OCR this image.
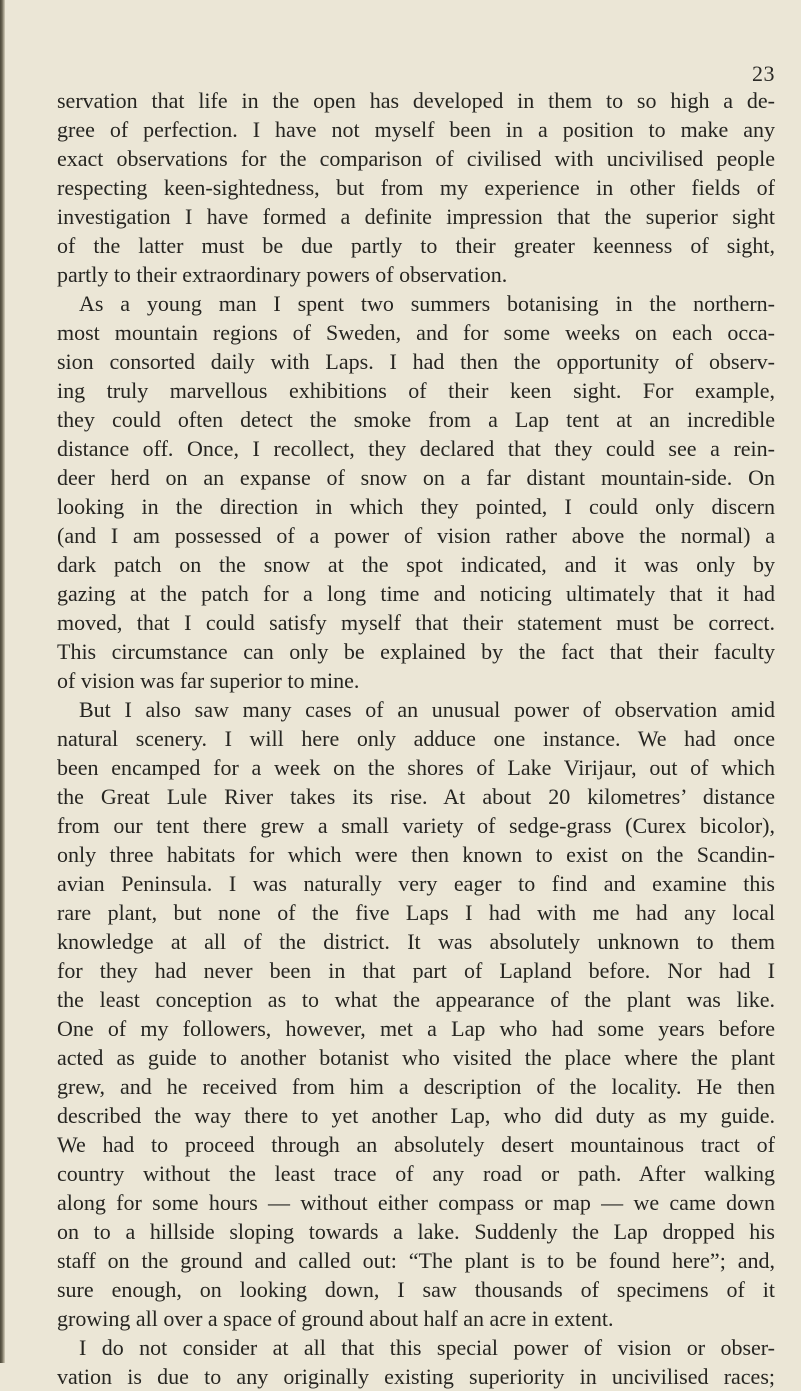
23

servation that life in the open has developed in them to so high a de-
gree of perfection. I have not myself been in a position to make any
exact observations for the comparison of civilised with uncivilised people
respecting keen-sightedness, but from my experience in other fields of
investigation I have formed a definite impression that the superior sight
of the latter must be due partly to their greater keenness of sight,
partly to their extraordinary powers of observation.
As a young man I spent two summers botanising in the northern-
most mountain regions of Sweden, and for some weeks on each occa-
sion consorted daily with Laps. I had then the opportunity of observ-
ing truly marvellous exhibitions of their keen sight. For example,
they could often detect the smoke from a Lap tent at an incredible
distance off. Once, I recollect, they declared that they could see a rein-
deer herd on an expanse of snow on a far distant mountain-side. On
looking in the direction in which they pointed, I could only discern
(and I am possessed of a power of vision rather above the normal) a
dark patch on the snow at the spot indicated, and it was only by
gazing at the patch for a long time and noticing ultimately that it had
moved, that I could satisfy myself that their statement must be correct.
This circumstance can only be explained by the fact that their faculty
of vision was far superior to mine.
But I also saw many cases of an unusual power of observation amid
natural scenery. I will here only adduce one instance. We had once
been encamped for a week on the shores of Lake Virijaur, out of which
the Great Lule River takes its rise. At about 20 kilometres’ distance
from our tent there grew a small variety of sedge-grass (Curex bicolor),
only three habitats for which were then known to exist on the Scandin-
avian Peninsula. I was naturally very eager to find and examine this
rare plant, but none of the five Laps I had with me had any local
knowledge at all of the district. It was absolutely unknown to them
for they had never been in that part of Lapland before. Nor had I
the least conception as to what the appearance of the plant was like.
One of my followers, however, met a Lap who had some years before
acted as guide to another botanist who visited the place where the plant
grew, and he received from him a description of the locality. He then
described the way there to yet another Lap, who did duty as my guide.
We had to proceed through an absolutely desert mountainous tract of
country without the least trace of any road or path. After walking
along for some hours — without either compass or map — we came down
on to a hillside sloping towards a lake. Suddenly the Lap dropped his
staff on the ground and called out: “The plant is to be found here”; and,
sure enough, on looking down, I saw thousands of specimens of it
growing all over a space of ground about half an acre in extent.
I do not consider at all that this special power of vision or obser-
vation is due to any originally existing superiority in uncivilised races;
